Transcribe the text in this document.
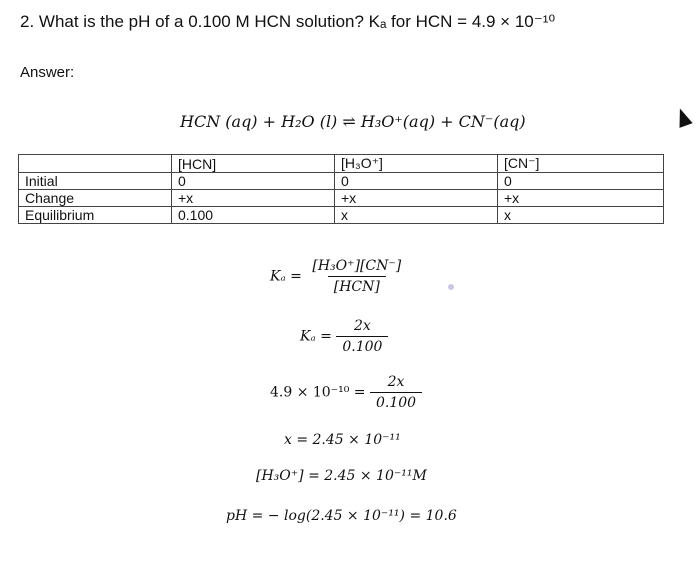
2. What is the pH of a 0.100 M HCN solution? Kₐ for HCN = 4.9 × 10⁻¹⁰
Answer:
HCN (aq) + H₂O (l) ⇌ H₃O⁺(aq) + CN⁻(aq)
	[HCN]	[H₃O⁺]	[CN⁻]
Initial	0	0	0
Change	+x	+x	+x
Equilibrium	0.100	x	x
$K_a = \frac{\text{[H₃O⁺][CN⁻]}}{\text{[HCN]}}$
$K_a = \frac{2x}{0.100}$
$4.9 \times 10^{-10} = \frac{2x}{0.100}$
x = 2.45 × 10⁻¹¹
[H₃O⁺] = 2.45 × 10⁻¹¹M
pH = − log(2.45 × 10⁻¹¹) = 10.6
